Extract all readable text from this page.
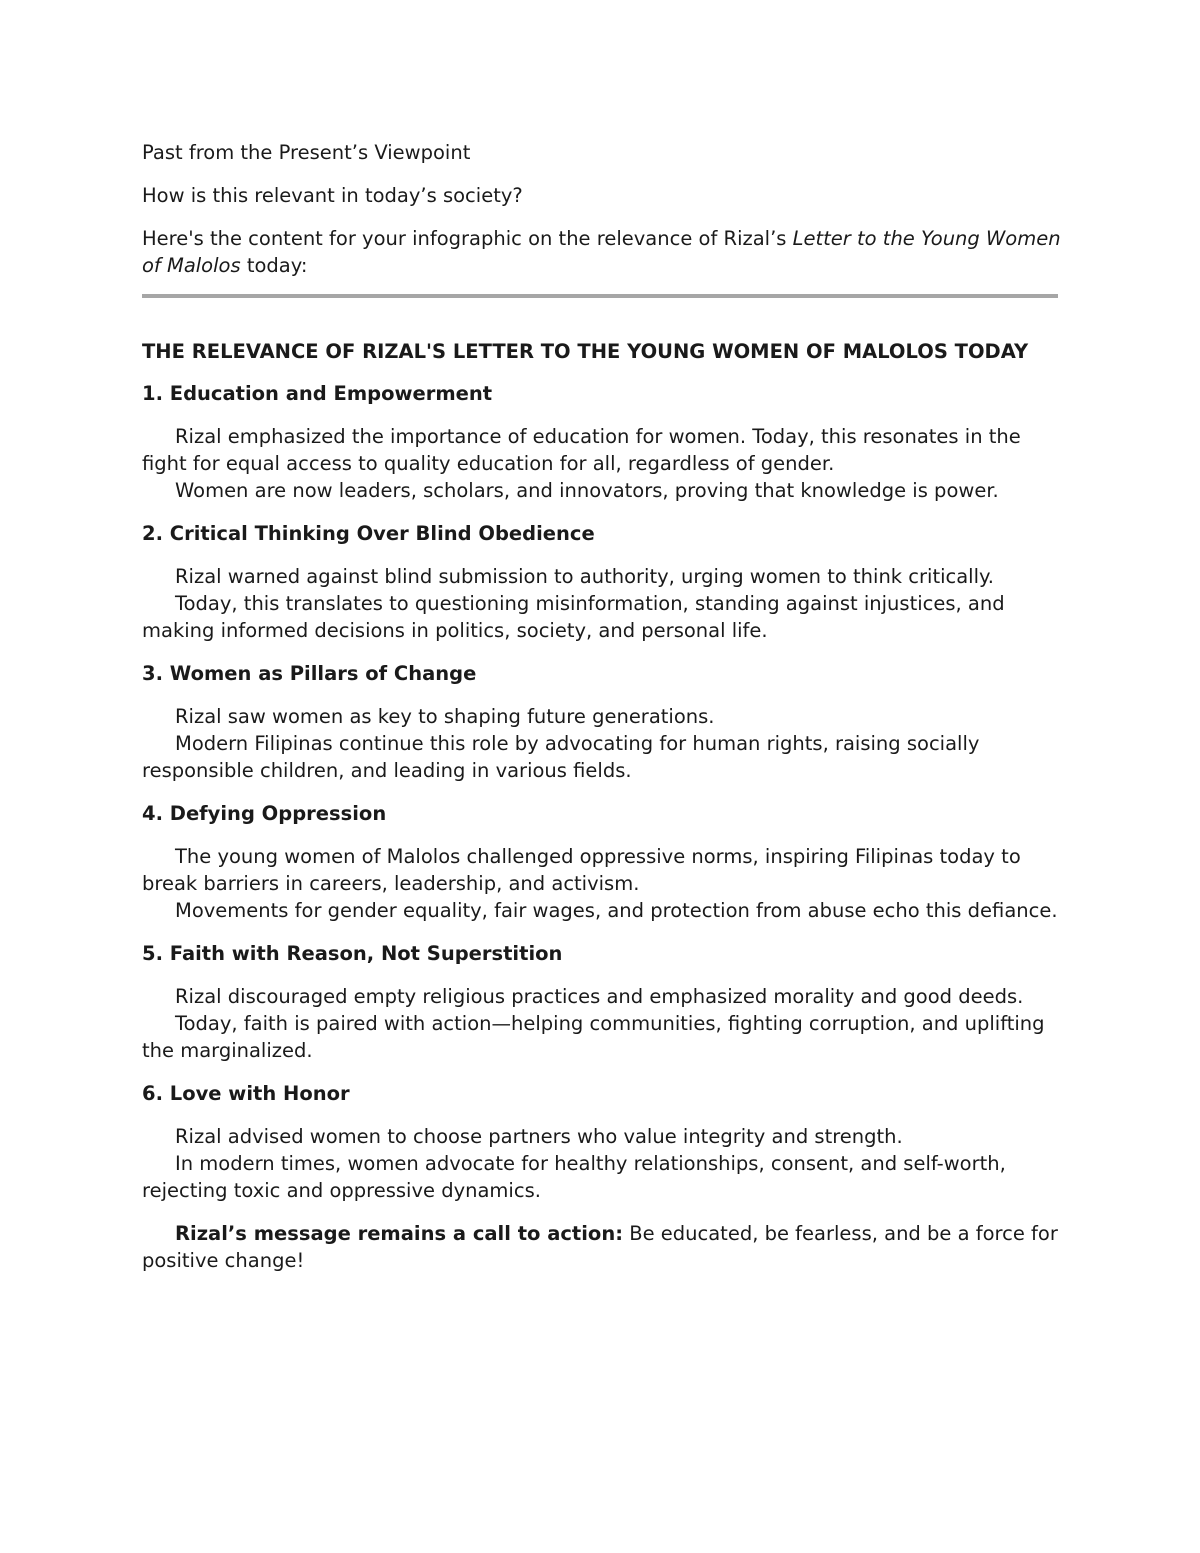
Past from the Present’s Viewpoint

How is this relevant in today’s society?

Here's the content for your infographic on the relevance of Rizal’s Letter to the Young Women of Malolos today:

THE RELEVANCE OF RIZAL'S LETTER TO THE YOUNG WOMEN OF MALOLOS TODAY

1. Education and Empowerment

Rizal emphasized the importance of education for women. Today, this resonates in the fight for equal access to quality education for all, regardless of gender.

Women are now leaders, scholars, and innovators, proving that knowledge is power.

2. Critical Thinking Over Blind Obedience

Rizal warned against blind submission to authority, urging women to think critically.

Today, this translates to questioning misinformation, standing against injustices, and making informed decisions in politics, society, and personal life.

3. Women as Pillars of Change

Rizal saw women as key to shaping future generations.

Modern Filipinas continue this role by advocating for human rights, raising socially responsible children, and leading in various fields.

4. Defying Oppression

The young women of Malolos challenged oppressive norms, inspiring Filipinas today to break barriers in careers, leadership, and activism.

Movements for gender equality, fair wages, and protection from abuse echo this defiance.

5. Faith with Reason, Not Superstition

Rizal discouraged empty religious practices and emphasized morality and good deeds.

Today, faith is paired with action—helping communities, fighting corruption, and uplifting the marginalized.

6. Love with Honor

Rizal advised women to choose partners who value integrity and strength.

In modern times, women advocate for healthy relationships, consent, and self-worth, rejecting toxic and oppressive dynamics.

Rizal’s message remains a call to action: Be educated, be fearless, and be a force for positive change!
